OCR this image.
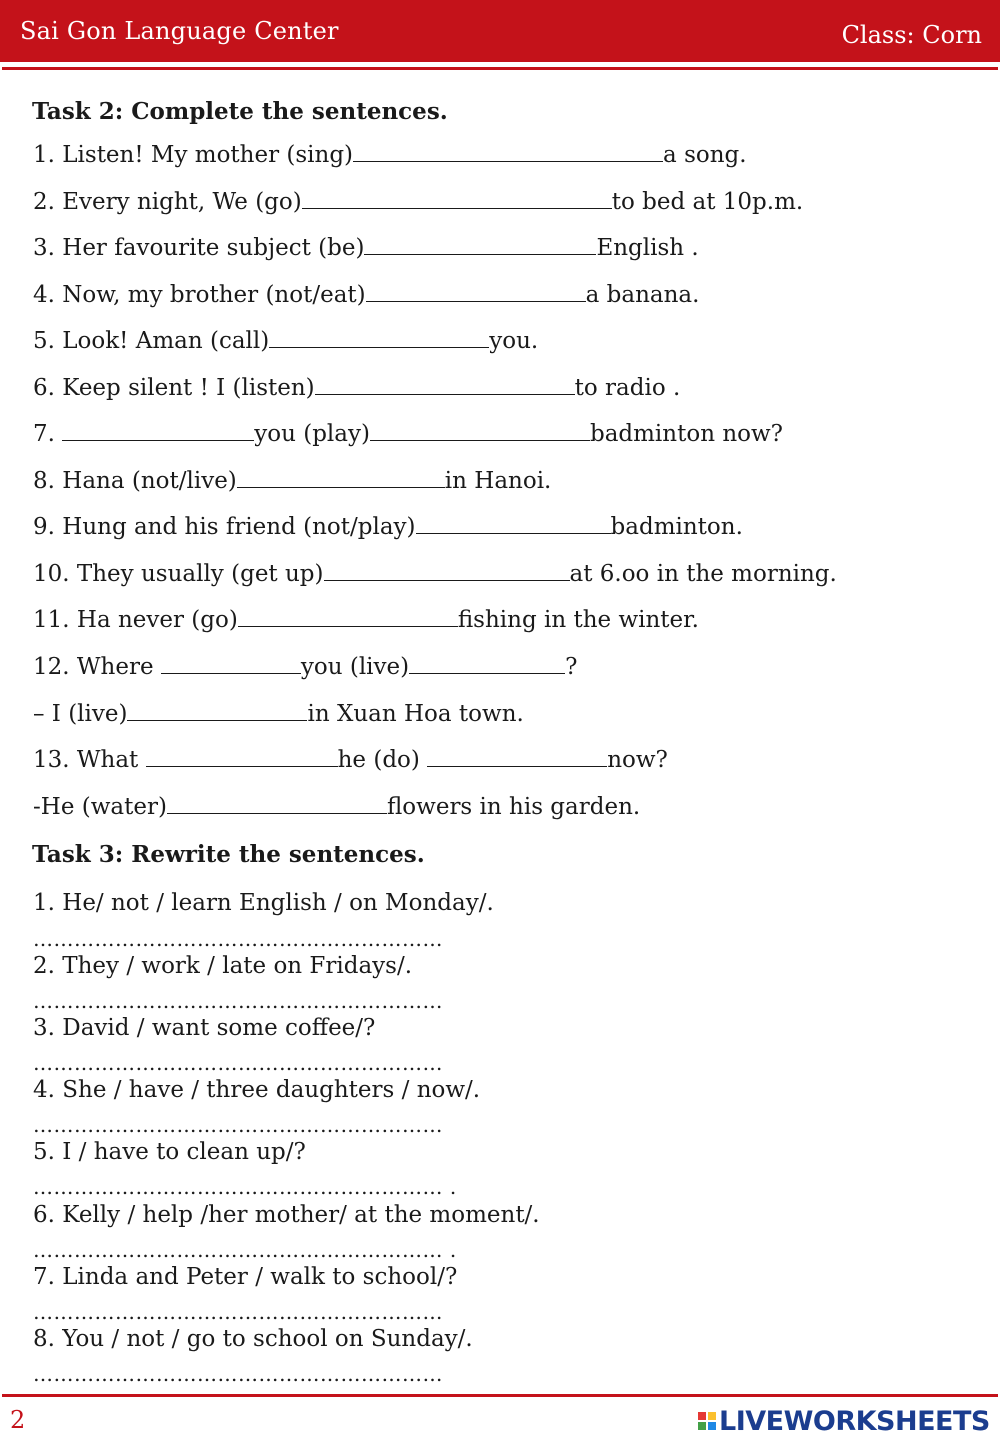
Sai Gon Language Center	Class: Corn
Task 2: Complete the sentences.
1. Listen! My mother (sing)	a song.
2. Every night, We (go)	to bed at 10p.m.
3. Her favourite subject (be)	English .
4. Now, my brother (not/eat)	a banana.
5. Look! Aman (call)	you.
6. Keep silent ! I (listen)	to radio .
7.	you (play)	badminton now?
8. Hana (not/live)	in Hanoi.
9. Hung and his friend (not/play)	badminton.
10. They usually (get up)	at 6.oo in the morning.
11. Ha never (go)	fishing in the winter.
12. Where	you (live)	?
– I (live)	in Xuan Hoa town.
13. What	he (do)	now?
-He (water)	flowers in his garden.
Task 3: Rewrite the sentences.
1. He/ not / learn English / on Monday/.
……………………………………………………
2. They / work / late on Fridays/.
……………………………………………………
3. David / want some coffee/?
……………………………………………………
4. She / have / three daughters / now/.
……………………………………………………
5. I / have to clean up/?
…………………………………………………… .
6. Kelly / help /her mother/ at the moment/.
…………………………………………………… .
7. Linda and Peter / walk to school/?
……………………………………………………
8. You / not / go to school on Sunday/.
……………………………………………………
2	LIVEWORKSHEETS
